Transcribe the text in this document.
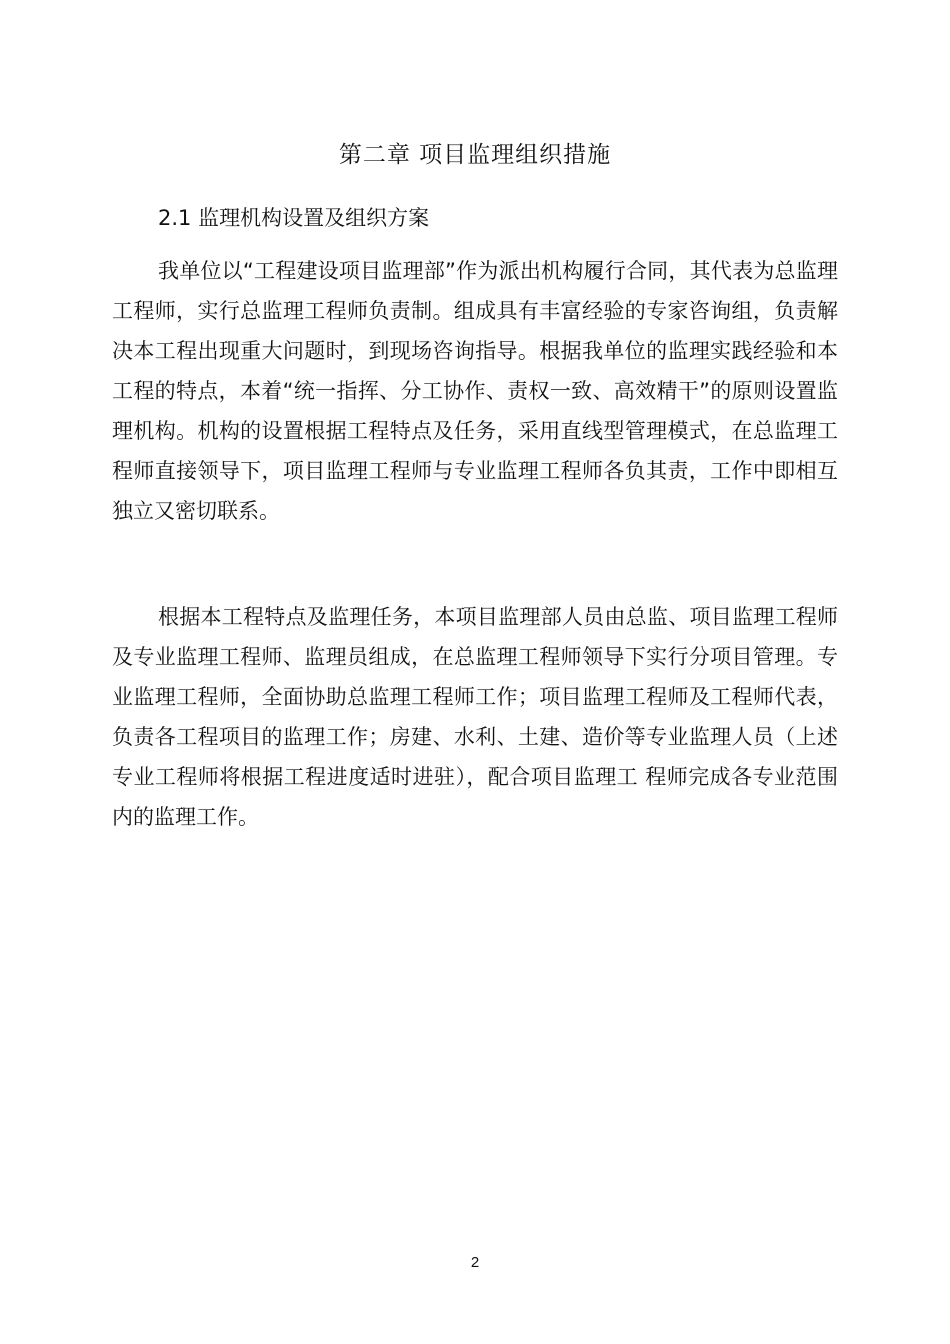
第二章 项目监理组织措施
2.1 监理机构设置及组织方案

我单位以“工程建设项目监理部”作为派出机构履行合同，其代表为总监理工程师，实行总监理工程师负责制。组成具有丰富经验的专家咨询组，负责解决本工程出现重大问题时，到现场咨询指导。根据我单位的监理实践经验和本工程的特点，本着“统一指挥、分工协作、责权一致、高效精干”的原则设置监理机构。机构的设置根据工程特点及任务，采用直线型管理模式，在总监理工程师直接领导下，项目监理工程师与专业监理工程师各负其责，工作中即相互独立又密切联系。

根据本工程特点及监理任务，本项目监理部人员由总监、项目监理工程师及专业监理工程师、监理员组成，在总监理工程师领导下实行分项目管理。专业监理工程师，全面协助总监理工程师工作；项目监理工程师及工程师代表，负责各工程项目的监理工作；房建、水利、土建、造价等专业监理人员（上述专业工程师将根据工程进度适时进驻），配合项目监理工 程师完成各专业范围内的监理工作。

2
